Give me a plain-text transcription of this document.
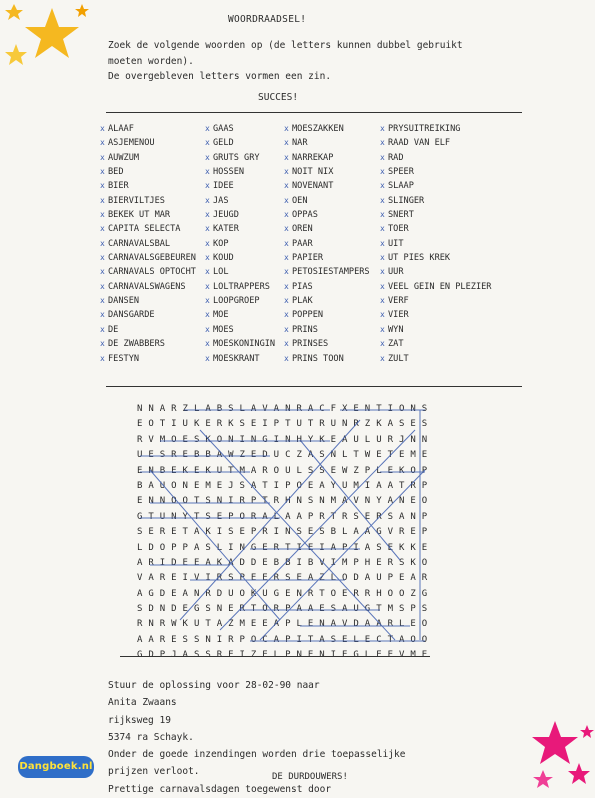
WOORDRAADSEL!
Zoek de volgende woorden op (de letters kunnen dubbel gebruikt
moeten worden).
De overgebleven letters vormen een zin.
SUCCES!
x ALAAF
x ASJEMENOU
x AUWZUM
x BED
x BIER
x BIERVILTJES
x BEKEK UT MAR
x CAPITA SELECTA
x CARNAVALSBAL
x CARNAVALSGEBEUREN
x CARNAVALS OPTOCHT
x CARNAVALSWAGENS
x DANSEN
x DANSGARDE
x DE
x DE ZWABBERS
x FESTYN
x GAAS
x GELD
x GRUTS GRY
x HOSSEN
x IDEE
x JAS
x JEUGD
x KATER
x KOP
x KOUD
x LOL
x LOLTRAPPERS
x LOOPGROEP
x MOE
x MOES
x MOESKONINGIN
x MOESKRANT
x MOESZAKKEN
x NAR
x NARREKAP
x NOIT NIX
x NOVENANT
x OEN
x OPPAS
x OREN
x PAAR
x PAPIER
x PETOSIESTAMPERS
x PIAS
x PLAK
x POPPEN
x PRINS
x PRINSES
x PRINS TOON
x PRYSUITREIKING
x RAAD VAN ELF
x RAD
x SPEER
x SLAAP
x SLINGER
x SNERT
x TOER
x UIT
x UT PIES KREK
x UUR
x VEEL GEIN EN PLEZIER
x VERF
x VIER
x WYN
x ZAT
x ZULT
N N A R Z L A B S L A V A N R A C F X E N T I O N S
E O T I U K E R K S E I P T U T R U N R Z K A S E S
R V M O E S K O N I N G I N H Y K E A U L U R J N N
U E S R E B B A W Z E D U C Z A S N L T W E T E M E
E N B E K E K U T M A R O U L S S E W Z P L E K O P
B A U O N E M E J S A T I P O E A Y U M I A A T R P
E N N O O T S N I R P T R H N S N M A V N Y A N E O
G T U N Y T S E P O R A L A A P R T R S E R S A N P
S E R E T A K I S E P R I N S E S B L A A G V R E P
L D O P P A S L I N G E R T I E I A P I A S E K K E
A R I D E E A K A D D E B B I B V I M P H E R S K O
V A R E I V I R S P E E R S E A Z L O D A U P E A R
A G D E A N R D U O K U G E N R T O E R R H O O Z G
S D N D E G S N E R T O R P A A E S A U G T M S P S
R N R W K U T A Z M E E A P L E N A V D A A R L E O
A A R E S S N I R P O C A P I T A S E L E C T A O O
G D P J A S S R E I Z E L P N E N I E G L E E V M E
Stuur de oplossing voor 28-02-90 naar
Anita Zwaans
rijksweg 19
5374 ra Schayk.
Onder de goede inzendingen worden drie toepasselijke
prijzen verloot.
Prettige carnavalsdagen toegewenst door
DE DURDOUWERS!
Dangboek.nl
